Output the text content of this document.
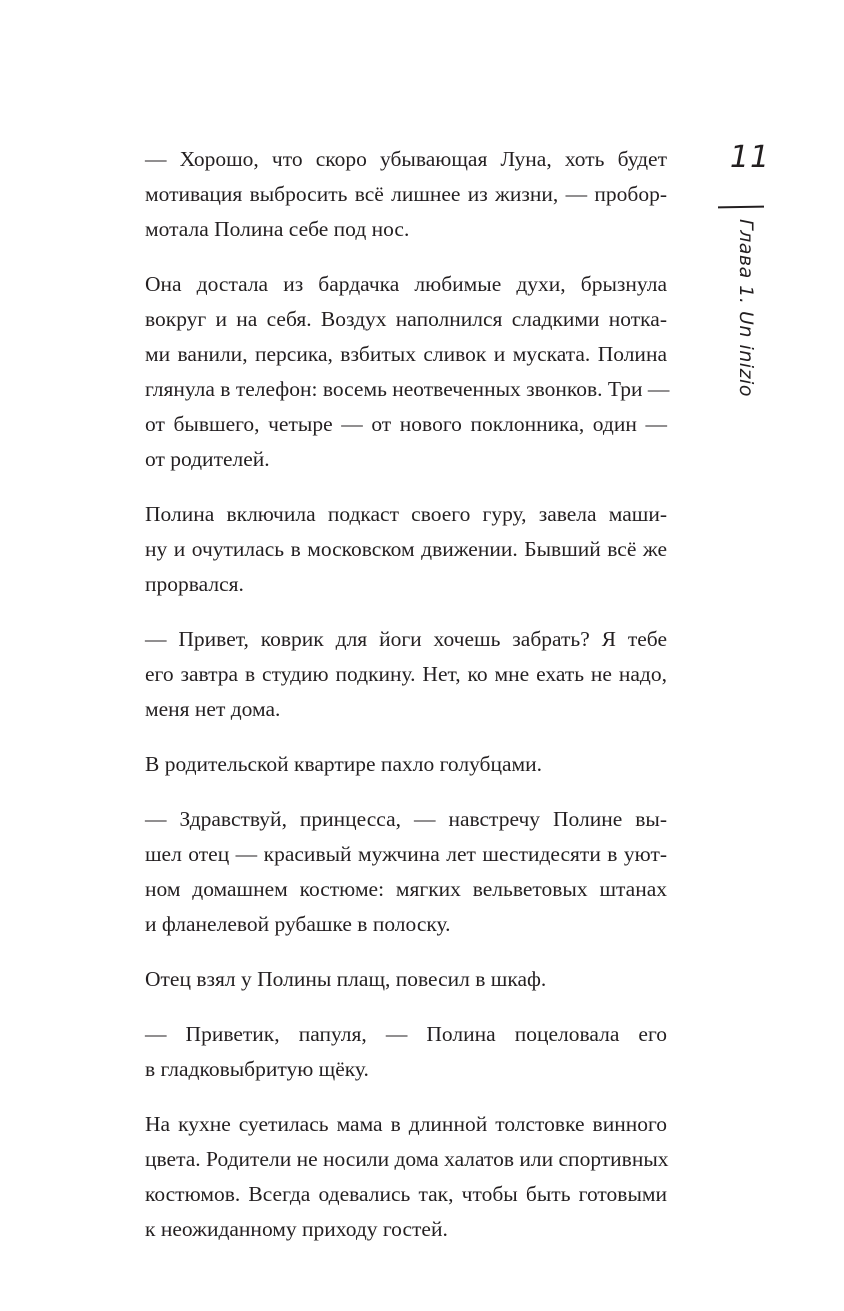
11
Глава 1. Un inizio

— Хорошо, что скоро убывающая Луна, хоть будет
мотивация выбросить всё лишнее из жизни, — пробор-
мотала Полина себе под нос.

Она достала из бардачка любимые духи, брызнула
вокруг и на себя. Воздух наполнился сладкими нотка-
ми ванили, персика, взбитых сливок и муската. Полина
глянула в телефон: восемь неотвеченных звонков. Три —
от бывшего, четыре — от нового поклонника, один —
от родителей.

Полина включила подкаст своего гуру, завела маши-
ну и очутилась в московском движении. Бывший всё же
прорвался.

— Привет, коврик для йоги хочешь забрать? Я тебе
его завтра в студию подкину. Нет, ко мне ехать не надо,
меня нет дома.

В родительской квартире пахло голубцами.

— Здравствуй, принцесса, — навстречу Полине вы-
шел отец — красивый мужчина лет шестидесяти в уют-
ном домашнем костюме: мягких вельветовых штанах
и фланелевой рубашке в полоску.

Отец взял у Полины плащ, повесил в шкаф.

— Приветик, папуля, — Полина поцеловала его
в гладковыбритую щёку.

На кухне суетилась мама в длинной толстовке винного
цвета. Родители не носили дома халатов или спортивных
костюмов. Всегда одевались так, чтобы быть готовыми
к неожиданному приходу гостей.
